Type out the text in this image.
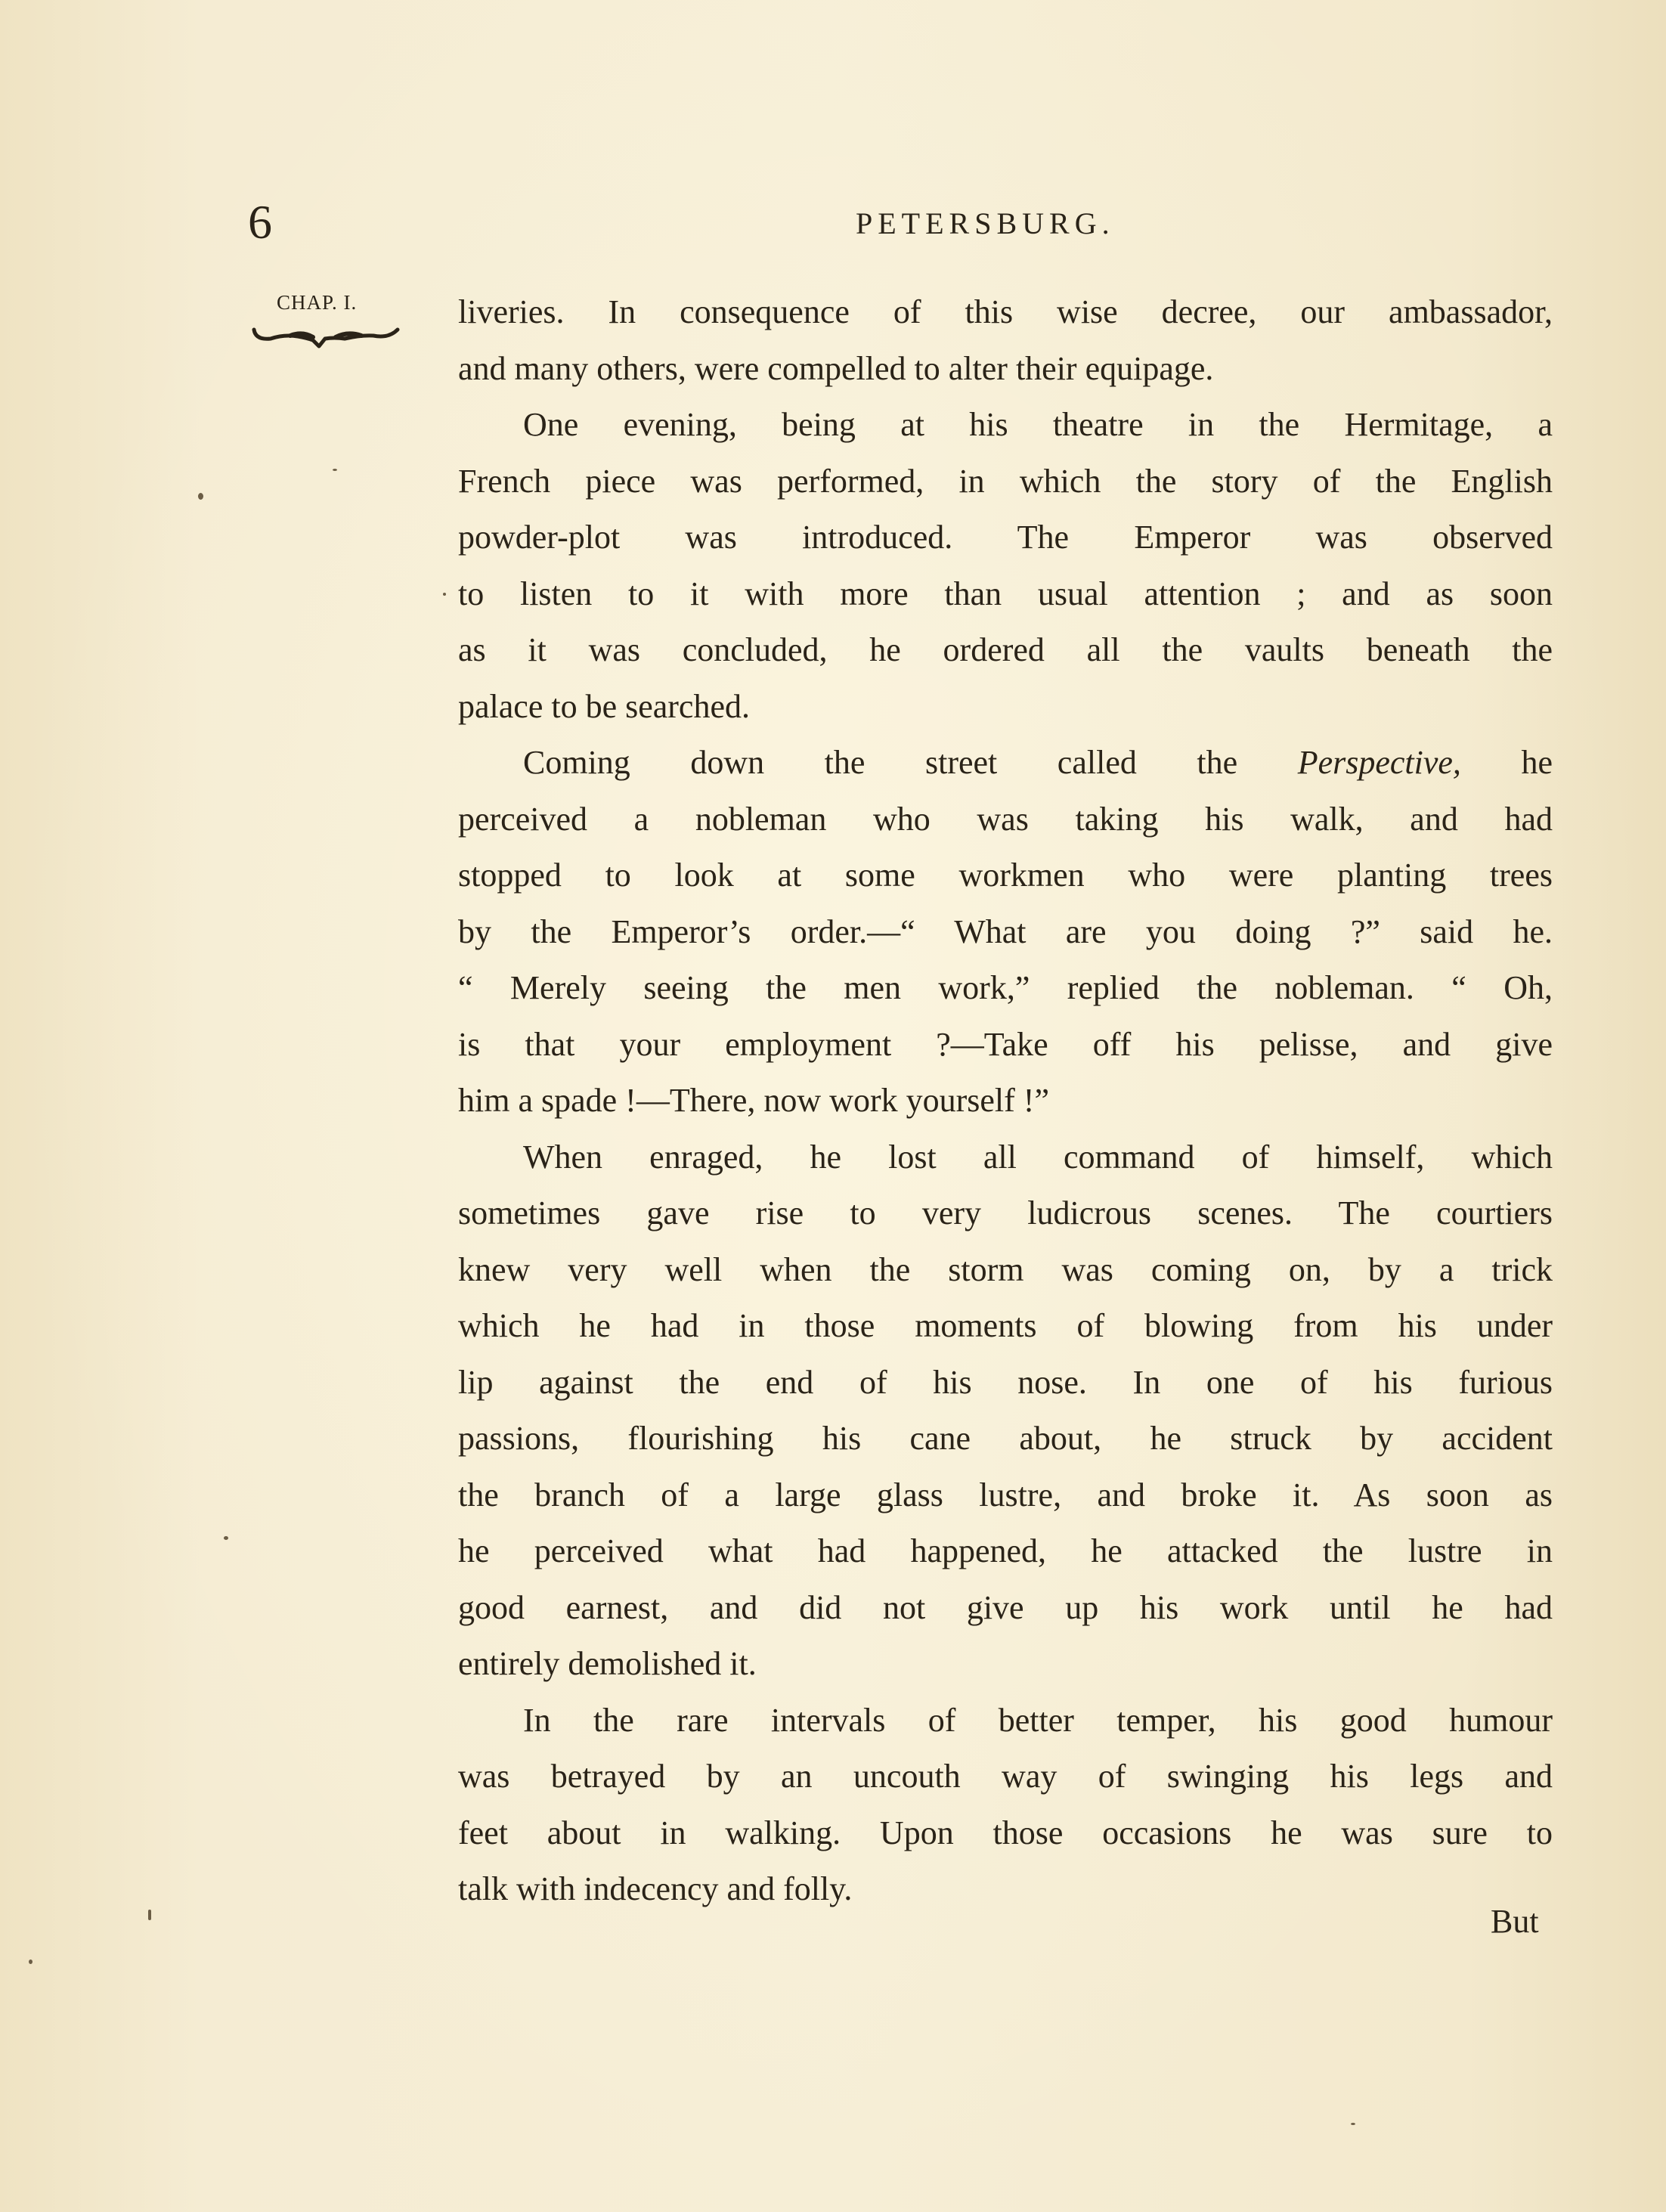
6	PETERSBURG.
CHAP. I.	liveries. In consequence of this wise decree, our ambassador,
and many others, were compelled to alter their equipage.
One evening, being at his theatre in the Hermitage, a
French piece was performed, in which the story of the English
powder-plot was introduced. The Emperor was observed
to listen to it with more than usual attention ; and as soon
as it was concluded, he ordered all the vaults beneath the
palace to be searched.
Coming down the street called the Perspective, he
perceived a nobleman who was taking his walk, and had
stopped to look at some workmen who were planting trees
by the Emperor’s order.—“ What are you doing ?” said he.
“ Merely seeing the men work,” replied the nobleman. “ Oh,
is that your employment ?—Take off his pelisse, and give
him a spade !—There, now work yourself !”
When enraged, he lost all command of himself, which
sometimes gave rise to very ludicrous scenes. The courtiers
knew very well when the storm was coming on, by a trick
which he had in those moments of blowing from his under
lip against the end of his nose. In one of his furious
passions, flourishing his cane about, he struck by accident
the branch of a large glass lustre, and broke it. As soon as
he perceived what had happened, he attacked the lustre in
good earnest, and did not give up his work until he had
entirely demolished it.
In the rare intervals of better temper, his good humour
was betrayed by an uncouth way of swinging his legs and
feet about in walking. Upon those occasions he was sure to
talk with indecency and folly.
But
